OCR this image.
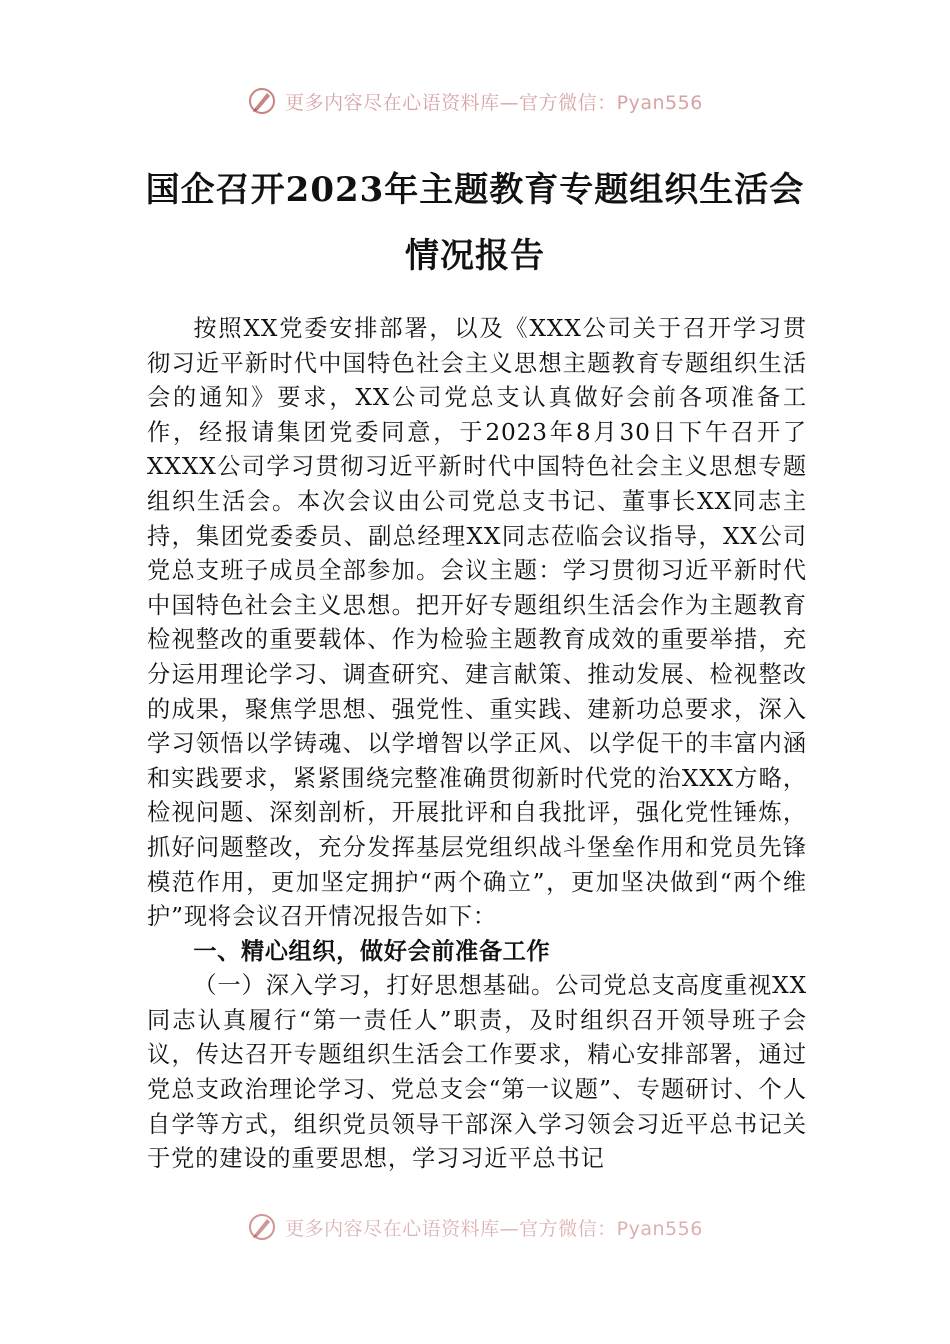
更多内容尽在心语资料库—官方微信：Pyan556
国企召开2023年主题教育专题组织生活会
情况报告

按照XX党委安排部署，以及《XXX公司关于召开学习贯彻习近平新时代中国特色社会主义思想主题教育专题组织生活会的通知》要求，XX公司党总支认真做好会前各项准备工作，经报请集团党委同意，于2023年8月30日下午召开了XXXX公司学习贯彻习近平新时代中国特色社会主义思想专题组织生活会。本次会议由公司党总支书记、董事长XX同志主持，集团党委委员、副总经理XX同志莅临会议指导，XX公司党总支班子成员全部参加。会议主题：学习贯彻习近平新时代中国特色社会主义思想。把开好专题组织生活会作为主题教育检视整改的重要载体、作为检验主题教育成效的重要举措，充分运用理论学习、调查研究、建言献策、推动发展、检视整改的成果，聚焦学思想、强党性、重实践、建新功总要求，深入学习领悟以学铸魂、以学增智以学正风、以学促干的丰富内涵和实践要求，紧紧围绕完整准确贯彻新时代党的治XXX方略，检视问题、深刻剖析，开展批评和自我批评，强化党性锤炼，抓好问题整改，充分发挥基层党组织战斗堡垒作用和党员先锋模范作用，更加坚定拥护“两个确立”，更加坚决做到“两个维护”现将会议召开情况报告如下：

一、精心组织，做好会前准备工作

（一）深入学习，打好思想基础。公司党总支高度重视XX同志认真履行“第一责任人”职责，及时组织召开领导班子会议，传达召开专题组织生活会工作要求，精心安排部署，通过党总支政治理论学习、党总支会“第一议题”、专题研讨、个人自学等方式，组织党员领导干部深入学习领会习近平总书记关于党的建设的重要思想，学习习近平总书记

更多内容尽在心语资料库—官方微信：Pyan556
